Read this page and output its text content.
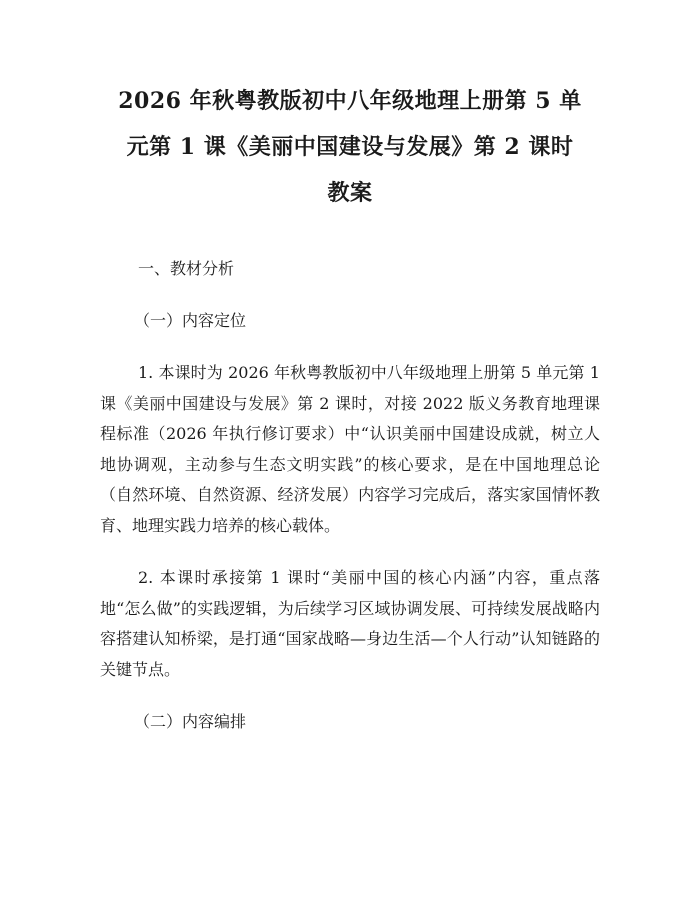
2026 年秋粤教版初中八年级地理上册第 5 单
元第 1 课《美丽中国建设与发展》第 2 课时
教案

一、教材分析

（一）内容定位

1. 本课时为 2026 年秋粤教版初中八年级地理上册第 5 单元第 1 课《美丽中国建设与发展》第 2 课时，对接 2022 版义务教育地理课程标准（2026 年执行修订要求）中“认识美丽中国建设成就，树立人地协调观，主动参与生态文明实践”的核心要求，是在中国地理总论（自然环境、自然资源、经济发展）内容学习完成后，落实家国情怀教育、地理实践力培养的核心载体。

2. 本课时承接第 1 课时“美丽中国的核心内涵”内容，重点落地“怎么做”的实践逻辑，为后续学习区域协调发展、可持续发展战略内容搭建认知桥梁，是打通“国家战略—身边生活—个人行动”认知链路的关键节点。

（二）内容编排
